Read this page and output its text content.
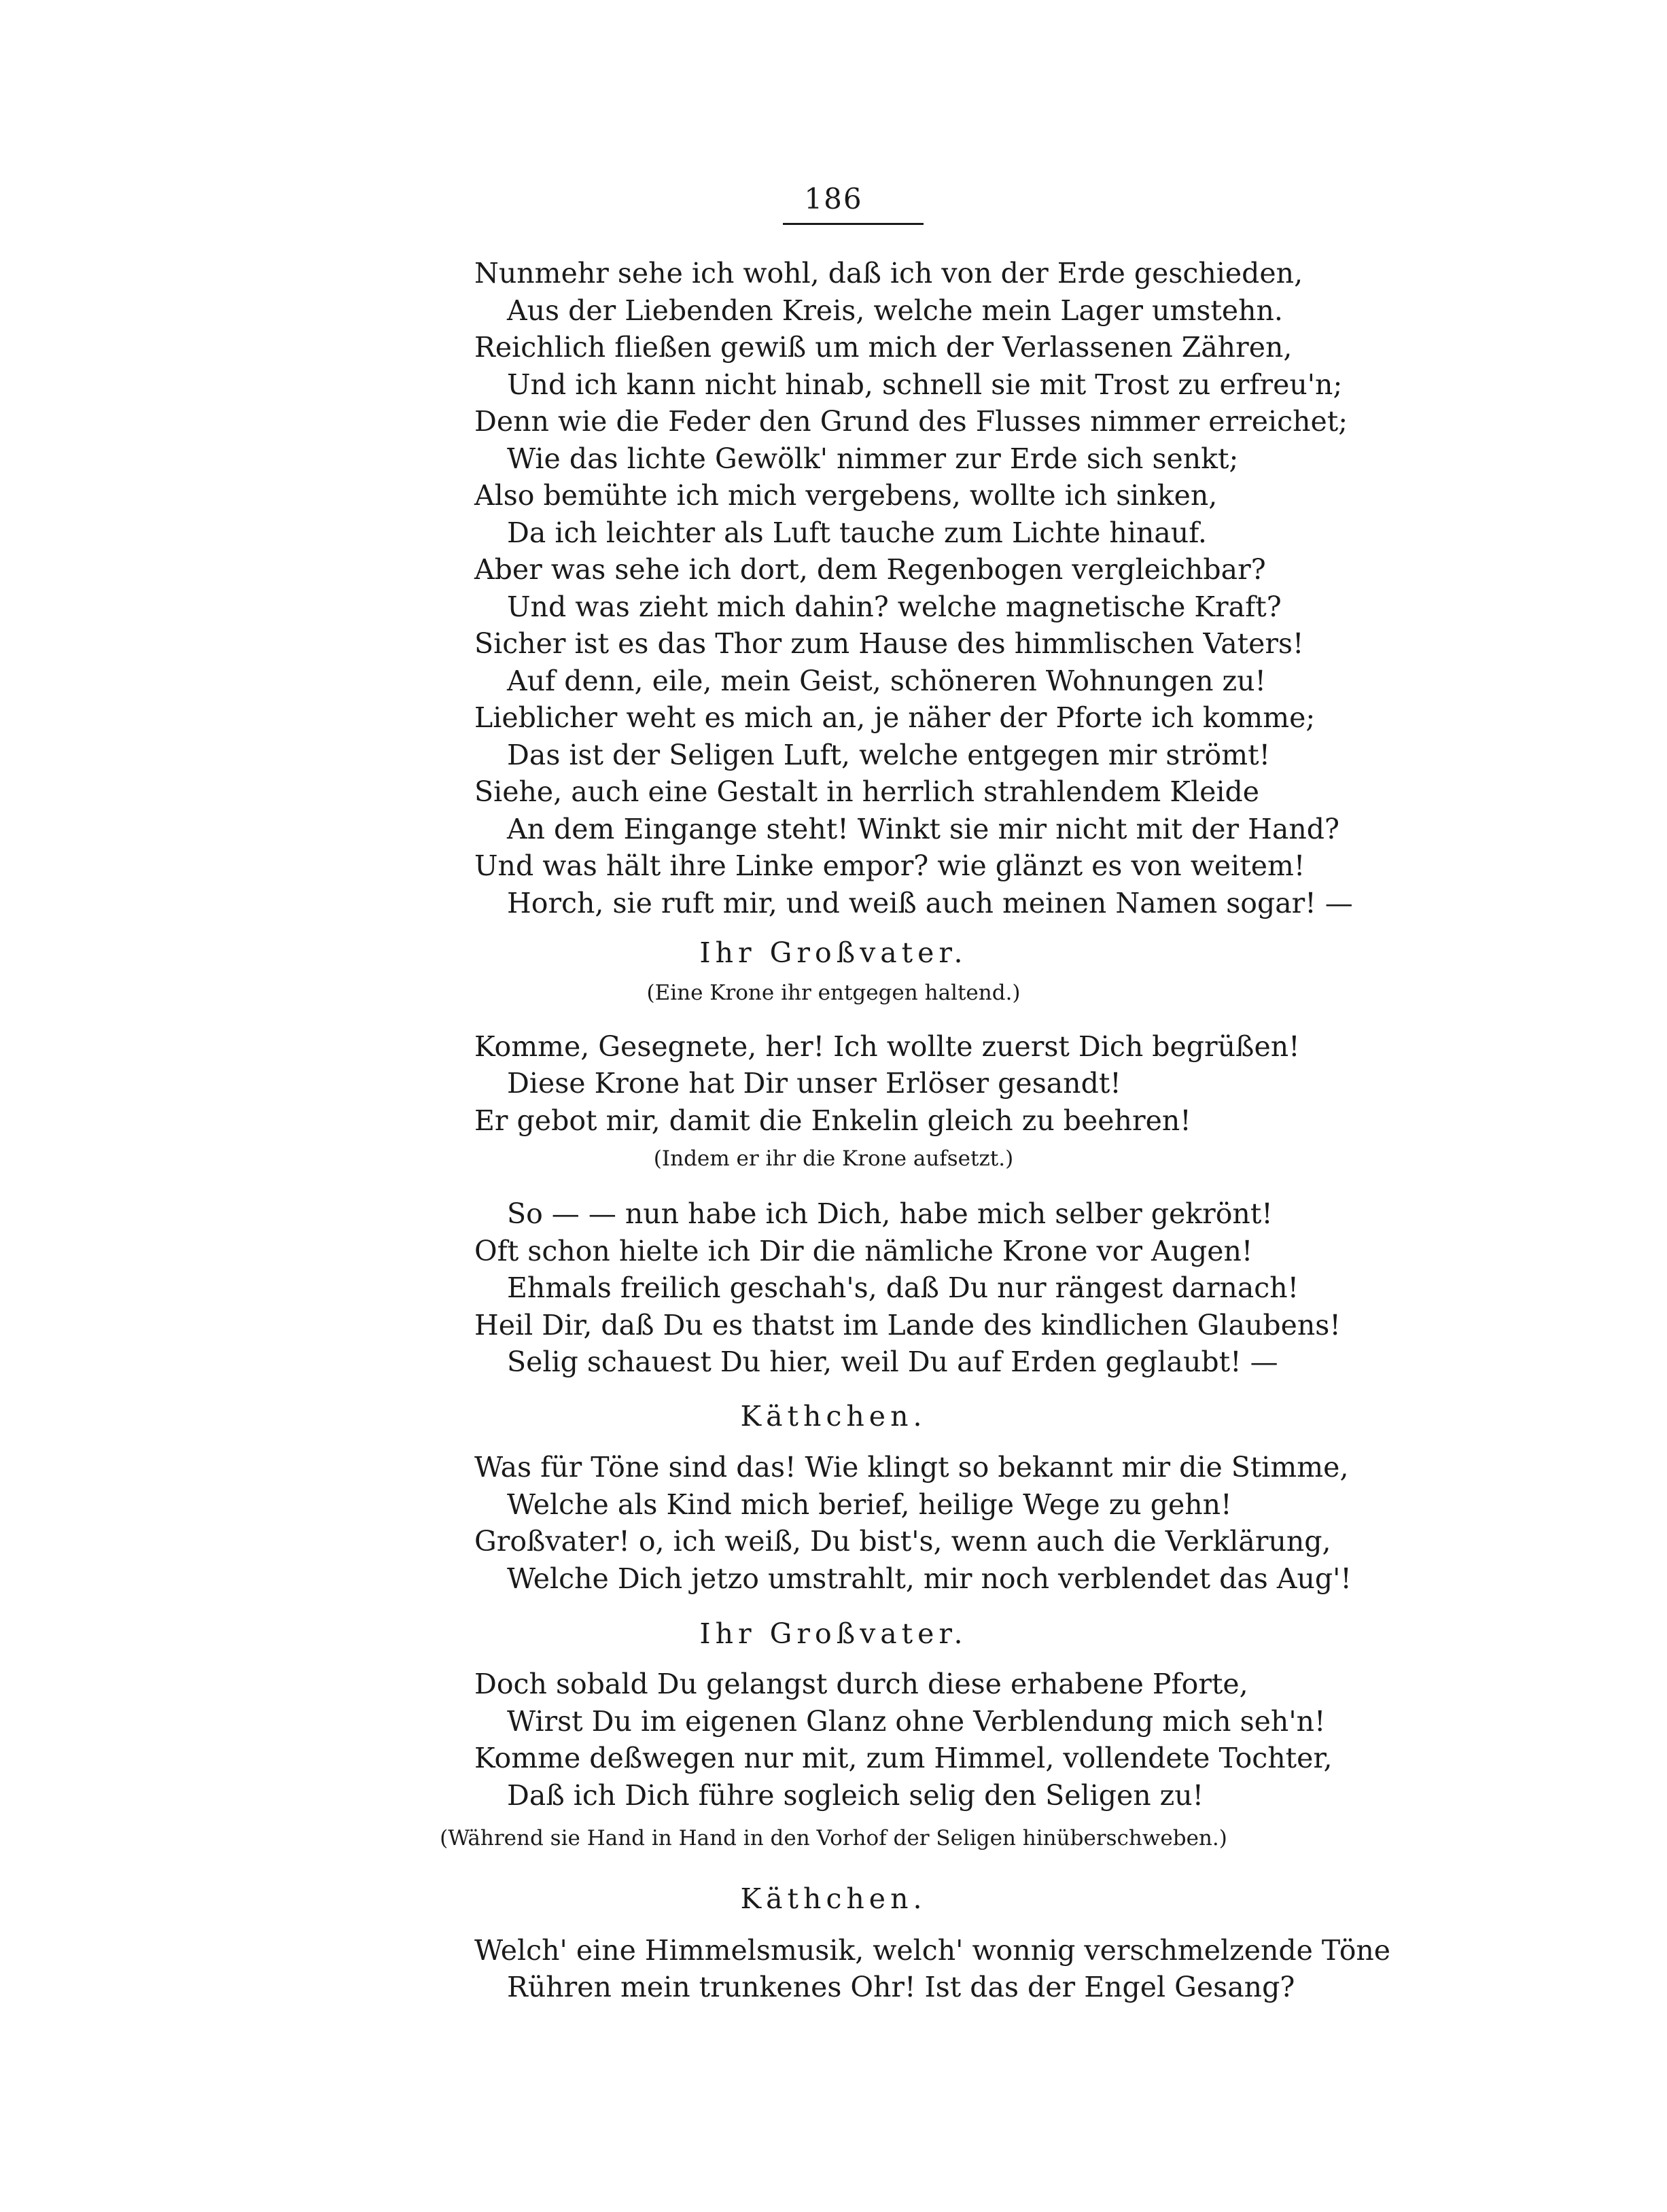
186
Nunmehr sehe ich wohl, daß ich von der Erde geschieden,
Aus der Liebenden Kreis, welche mein Lager umstehn.
Reichlich fließen gewiß um mich der Verlassenen Zähren,
Und ich kann nicht hinab, schnell sie mit Trost zu erfreu'n;
Denn wie die Feder den Grund des Flusses nimmer erreichet;
Wie das lichte Gewölk' nimmer zur Erde sich senkt;
Also bemühte ich mich vergebens, wollte ich sinken,
Da ich leichter als Luft tauche zum Lichte hinauf.
Aber was sehe ich dort, dem Regenbogen vergleichbar?
Und was zieht mich dahin? welche magnetische Kraft?
Sicher ist es das Thor zum Hause des himmlischen Vaters!
Auf denn, eile, mein Geist, schöneren Wohnungen zu!
Lieblicher weht es mich an, je näher der Pforte ich komme;
Das ist der Seligen Luft, welche entgegen mir strömt!
Siehe, auch eine Gestalt in herrlich strahlendem Kleide
An dem Eingange steht! Winkt sie mir nicht mit der Hand?
Und was hält ihre Linke empor? wie glänzt es von weitem!
Horch, sie ruft mir, und weiß auch meinen Namen sogar! —
Ihr Großvater.
(Eine Krone ihr entgegen haltend.)
Komme, Gesegnete, her! Ich wollte zuerst Dich begrüßen!
Diese Krone hat Dir unser Erlöser gesandt!
Er gebot mir, damit die Enkelin gleich zu beehren!
(Indem er ihr die Krone aufsetzt.)
So — — nun habe ich Dich, habe mich selber gekrönt!
Oft schon hielte ich Dir die nämliche Krone vor Augen!
Ehmals freilich geschah's, daß Du nur rängest darnach!
Heil Dir, daß Du es thatst im Lande des kindlichen Glaubens!
Selig schauest Du hier, weil Du auf Erden geglaubt! —
Käthchen.
Was für Töne sind das! Wie klingt so bekannt mir die Stimme,
Welche als Kind mich berief, heilige Wege zu gehn!
Großvater! o, ich weiß, Du bist's, wenn auch die Verklärung,
Welche Dich jetzo umstrahlt, mir noch verblendet das Aug'!
Ihr Großvater.
Doch sobald Du gelangst durch diese erhabene Pforte,
Wirst Du im eigenen Glanz ohne Verblendung mich seh'n!
Komme deßwegen nur mit, zum Himmel, vollendete Tochter,
Daß ich Dich führe sogleich selig den Seligen zu!
(Während sie Hand in Hand in den Vorhof der Seligen hinüberschweben.)
Käthchen.
Welch' eine Himmelsmusik, welch' wonnig verschmelzende Töne
Rühren mein trunkenes Ohr! Ist das der Engel Gesang?
